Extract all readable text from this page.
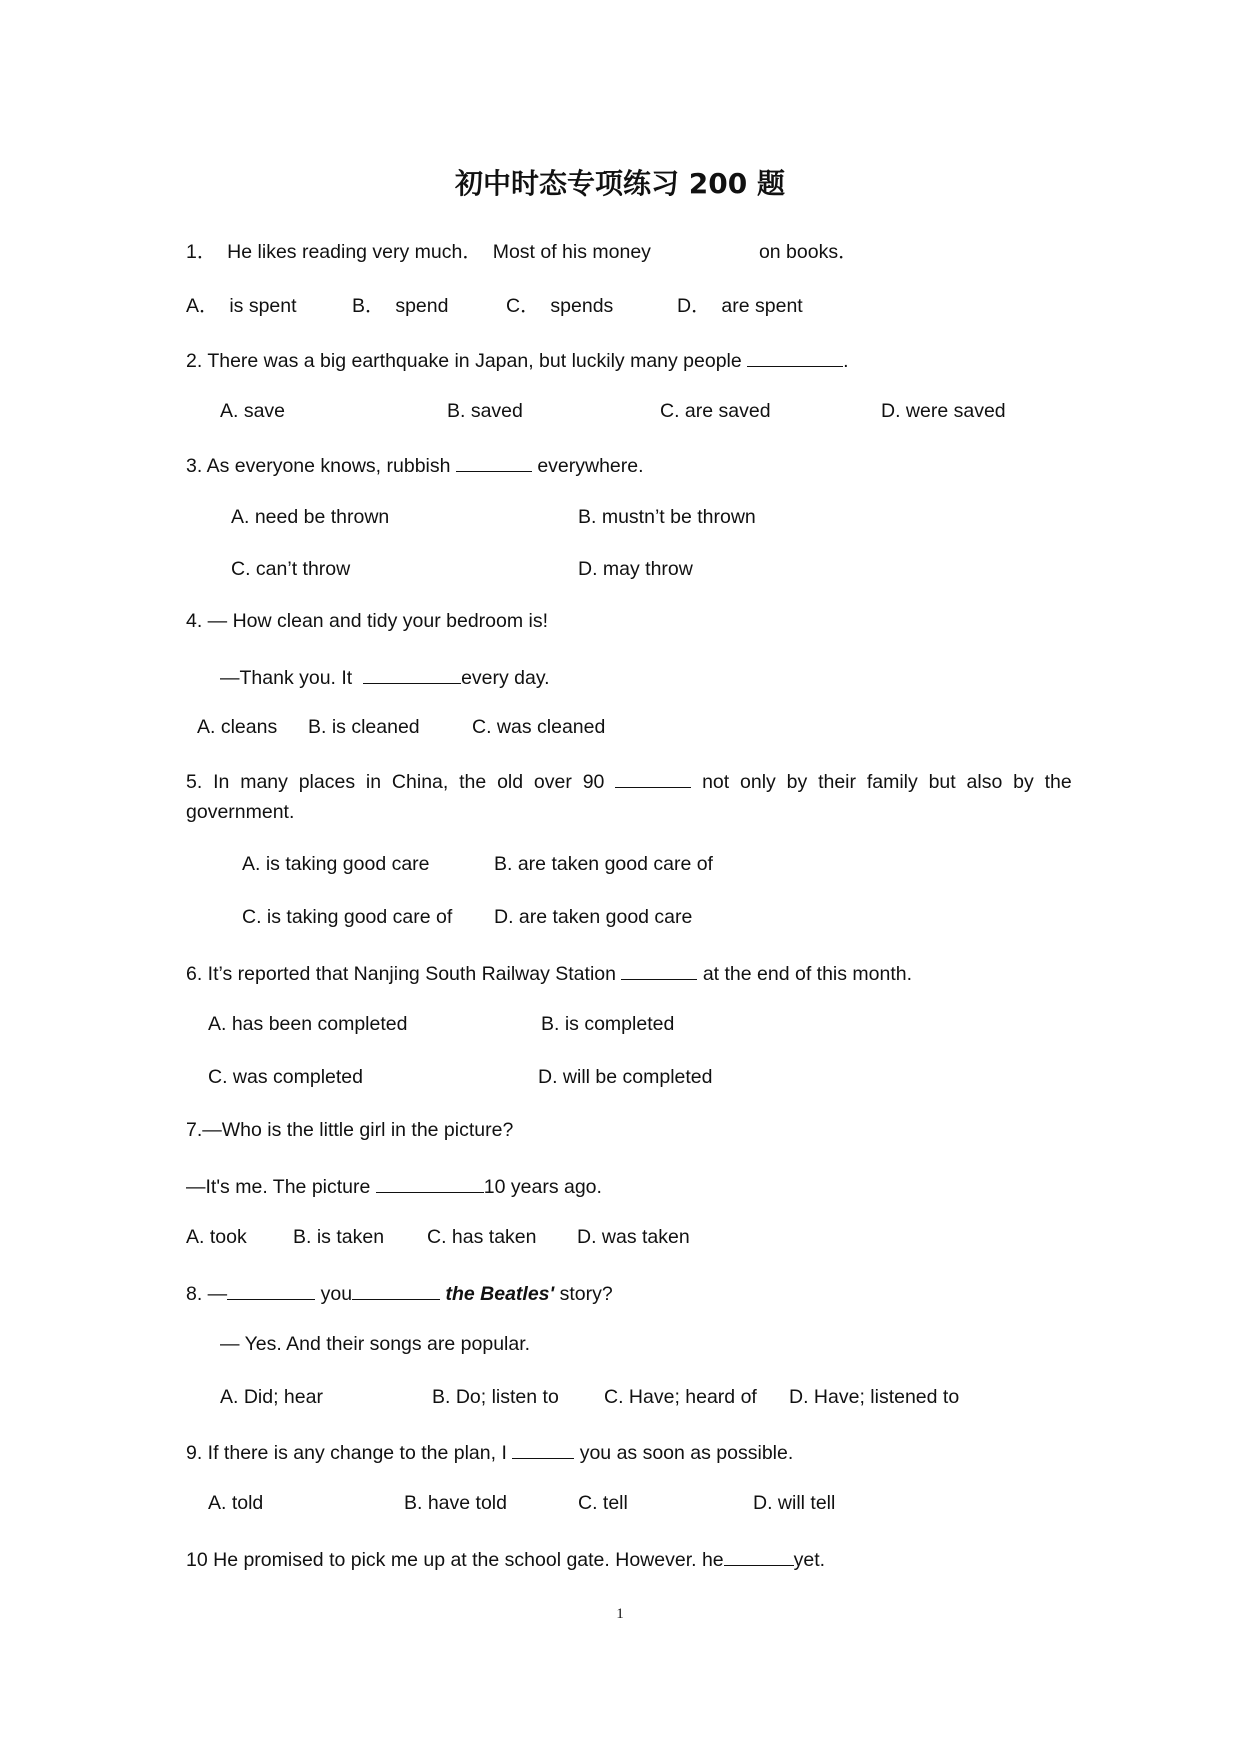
初中时态专项练习 200 题
1．  He likes reading very much．  Most of his money	on books．
A．  is spent	B．  spend	C．  spends	D．  are spent
2. There was a big earthquake in Japan, but luckily many people	.
A. save	B. saved	C. are saved	D. were saved
3. As everyone knows, rubbish	everywhere.
A. need be thrown	B. mustn’t be thrown
C. can’t throw	D. may throw
4. — How clean and tidy your bedroom is!
—Thank you. It	every day.
A. cleans B. is cleaned	C. was cleaned
5.  In  many  places  in  China,  the  old  over  90	not  only  by  their  family  but  also  by  the
government.
A. is taking good care	B. are taken good care of
C. is taking good care of D. are taken good care
6. It’s reported that Nanjing South Railway Station	at the end of this month.
A. has been completed	B. is completed
C. was completed	D. will be completed
7.—Who is the little girl in the picture?
—It's me. The picture	10 years ago.
A. took B. is taken C. has taken D. was taken
8. —	you	the Beatles' story?
— Yes. And their songs are popular.
A. Did; hear	B. Do; listen to C. Have; heard of D. Have; listened to
9. If there is any change to the plan, I	you as soon as possible.
A. told	B. have told	C. tell	D. will tell
10 He promised to pick me up at the school gate. However. he	yet.
1
